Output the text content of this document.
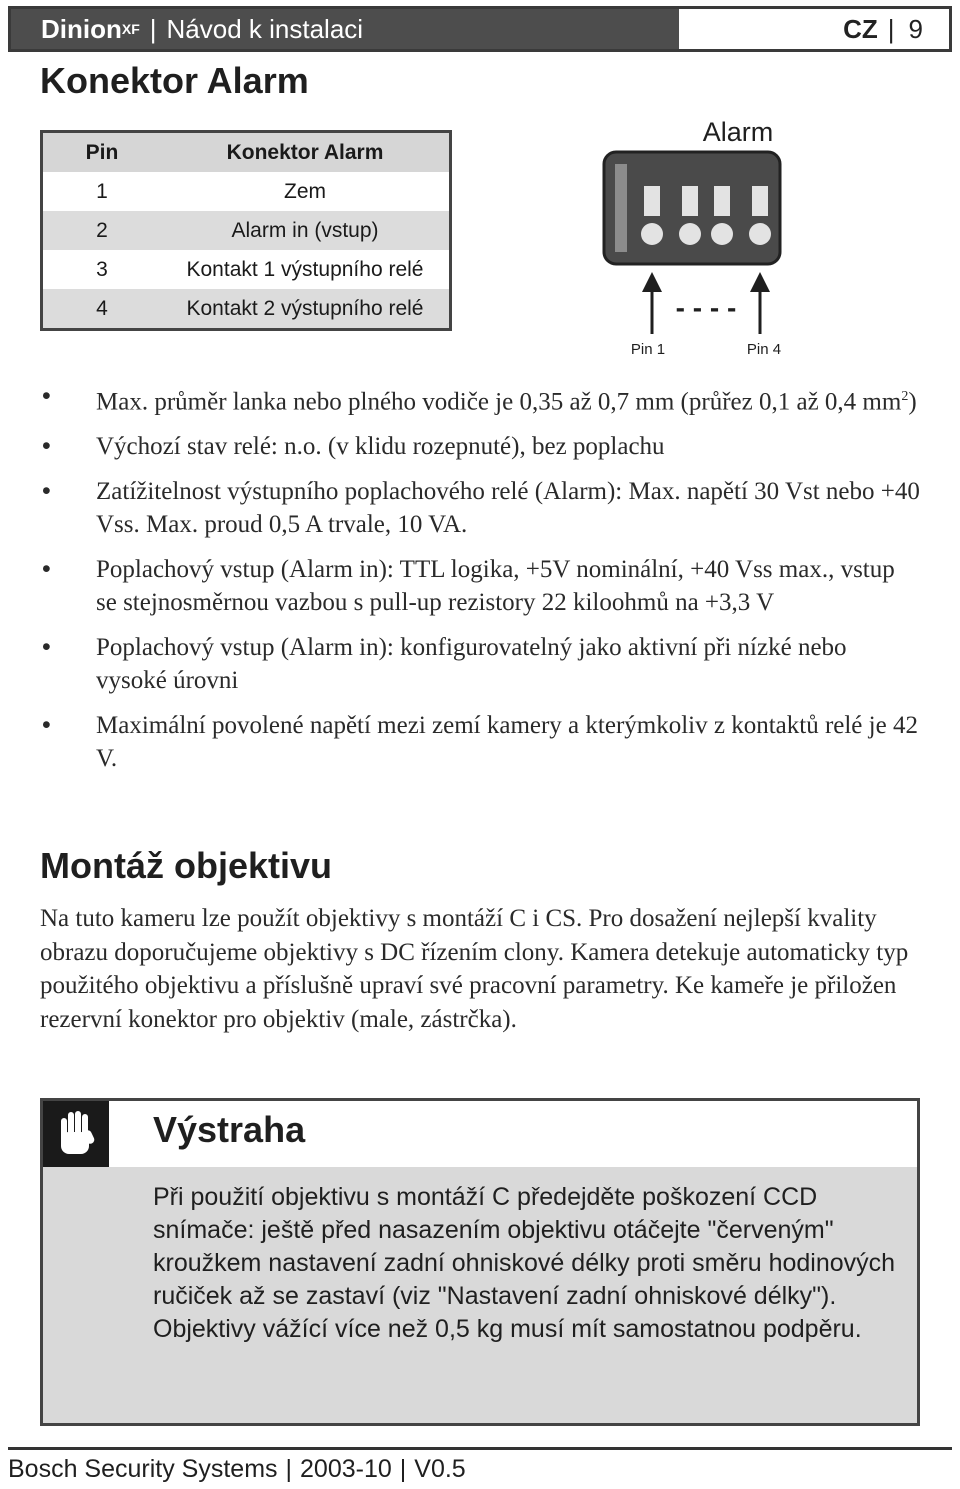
Dinion XF | Návod k instalaci	CZ | 9
Konektor Alarm
Pin	Konektor Alarm
1	Zem
2	Alarm in (vstup)
3	Kontakt 1 výstupního relé
4	Kontakt 2 výstupního relé
Alarm
- - - -
Pin 1	Pin 4
• Max. průměr lanka nebo plného vodiče je 0,35 až 0,7 mm (průřez 0,1 až 0,4 $mm^2$)
• Výchozí stav relé: n.o. (v klidu rozepnuté), bez poplachu
• Zatížitelnost výstupního poplachového relé (Alarm): Max. napětí 30 Vst nebo +40 Vss. Max. proud 0,5 A trvale, 10 VA.
• Poplachový vstup (Alarm in): TTL logika, +5V nominální, +40 Vss max., vstup se stejnosměrnou vazbou s pull-up rezistory 22 kiloohmů na +3,3 V
• Poplachový vstup (Alarm in): konfigurovatelný jako aktivní při nízké nebo vysoké úrovni
• Maximální povolené napětí mezi zemí kamery a kterýmkoliv z kontaktů relé je 42 V.
Montáž objektivu

Na tuto kameru lze použít objektivy s montáží C i CS. Pro dosažení nejlepší kvality obrazu doporučujeme objektivy s DC řízením clony. Kamera detekuje automaticky typ použitého objektivu a příslušně upraví své pracovní parametry. Ke kameře je přiložen rezervní konektor pro objektiv (male, zástrčka).

Výstraha

Při použití objektivu s montáží C předejděte poškození CCD snímače: ještě před nasazením objektivu otáčejte "červeným" kroužkem nastavení zadní ohniskové délky proti směru hodinových ručiček až se zastaví (viz "Nastavení zadní ohniskové délky").

Objektivy vážící více než 0,5 kg musí mít samostatnou podpěru.

Bosch Security Systems | 2003-10 | V0.5
